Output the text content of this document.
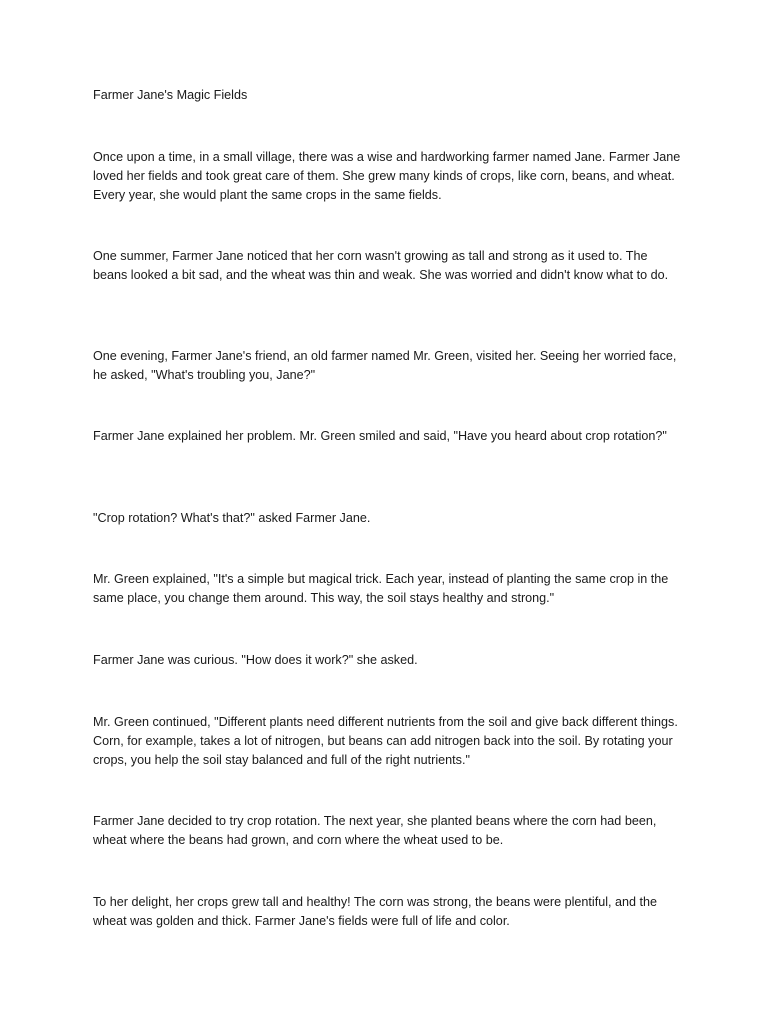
Farmer Jane's Magic Fields

Once upon a time, in a small village, there was a wise and hardworking farmer named Jane. Farmer Jane loved her fields and took great care of them. She grew many kinds of crops, like corn, beans, and wheat. Every year, she would plant the same crops in the same fields.

One summer, Farmer Jane noticed that her corn wasn't growing as tall and strong as it used to. The beans looked a bit sad, and the wheat was thin and weak. She was worried and didn't know what to do.

One evening, Farmer Jane's friend, an old farmer named Mr. Green, visited her. Seeing her worried face, he asked, "What's troubling you, Jane?"

Farmer Jane explained her problem. Mr. Green smiled and said, "Have you heard about crop rotation?"

"Crop rotation? What's that?" asked Farmer Jane.

Mr. Green explained, "It's a simple but magical trick. Each year, instead of planting the same crop in the same place, you change them around. This way, the soil stays healthy and strong."

Farmer Jane was curious. "How does it work?" she asked.

Mr. Green continued, "Different plants need different nutrients from the soil and give back different things. Corn, for example, takes a lot of nitrogen, but beans can add nitrogen back into the soil. By rotating your crops, you help the soil stay balanced and full of the right nutrients."

Farmer Jane decided to try crop rotation. The next year, she planted beans where the corn had been, wheat where the beans had grown, and corn where the wheat used to be.

To her delight, her crops grew tall and healthy! The corn was strong, the beans were plentiful, and the wheat was golden and thick. Farmer Jane's fields were full of life and color.
